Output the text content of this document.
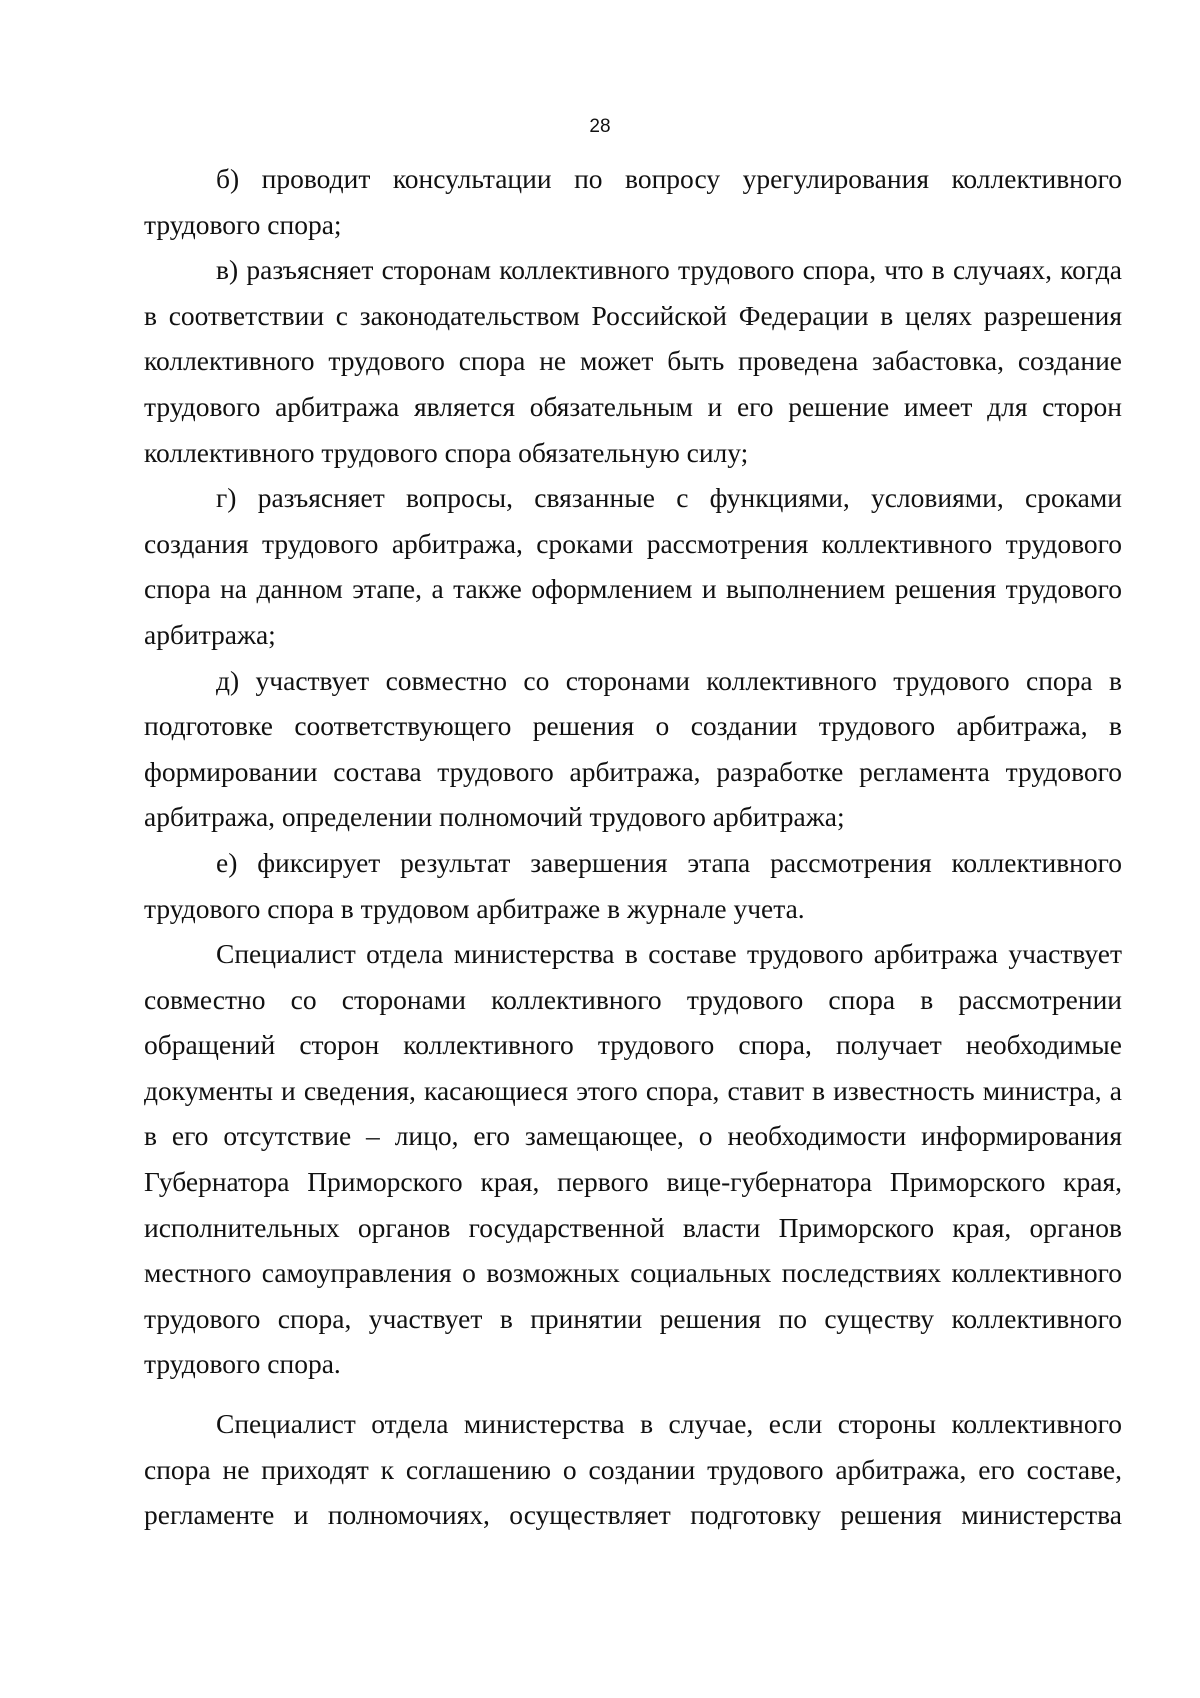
28

б) проводит консультации по вопросу урегулирования коллективного трудового спора;

в) разъясняет сторонам коллективного трудового спора, что в случаях, когда в соответствии с законодательством Российской Федерации в целях разрешения коллективного трудового спора не может быть проведена забастовка, создание трудового арбитража является обязательным и его решение имеет для сторон коллективного трудового спора обязательную силу;

г) разъясняет вопросы, связанные с функциями, условиями, сроками создания трудового арбитража, сроками рассмотрения коллективного трудового спора на данном этапе, а также оформлением и выполнением решения трудового арбитража;

д) участвует совместно со сторонами коллективного трудового спора в подготовке соответствующего решения о создании трудового арбитража, в формировании состава трудового арбитража, разработке регламента трудового арбитража, определении полномочий трудового арбитража;

е) фиксирует результат завершения этапа рассмотрения коллективного трудового спора в трудовом арбитраже в журнале учета.

Специалист отдела министерства в составе трудового арбитража участвует совместно со сторонами коллективного трудового спора в рассмотрении обращений сторон коллективного трудового спора, получает необходимые документы и сведения, касающиеся этого спора, ставит в известность министра, а в его отсутствие – лицо, его замещающее, о необходимости информирования Губернатора Приморского края, первого вице-губернатора Приморского края, исполнительных органов государственной власти Приморского края, органов местного самоуправления о возможных социальных последствиях коллективного трудового спора, участвует в принятии решения по существу коллективного трудового спора.

Специалист отдела министерства в случае, если стороны коллективного спора не приходят к соглашению о создании трудового арбитража, его составе, регламенте и полномочиях, осуществляет подготовку решения министерства
